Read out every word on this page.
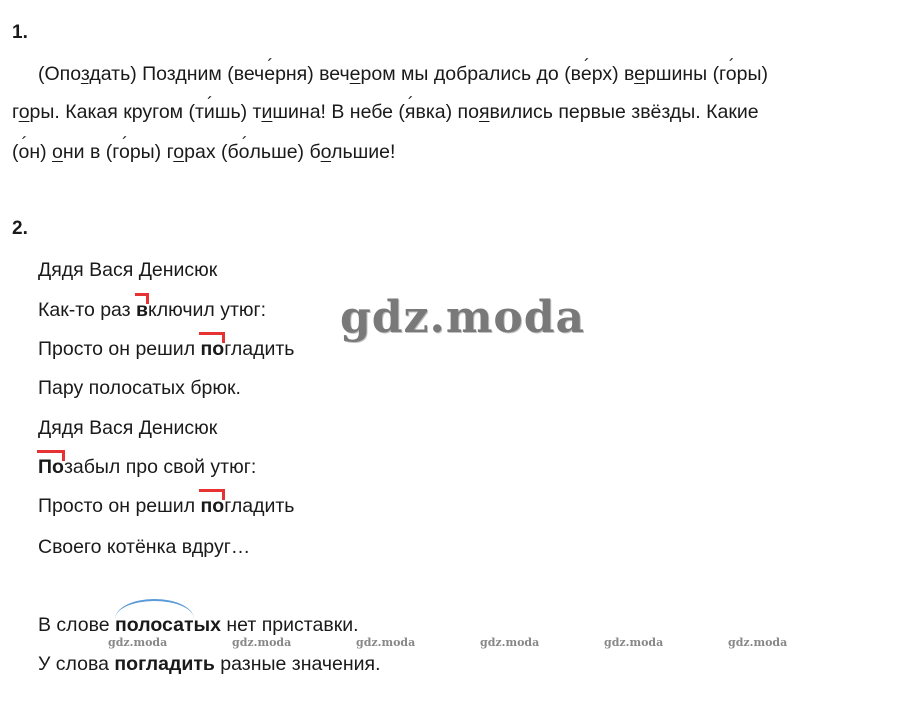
1.
(Опоздать) Поздним (вече ´рня) вечером мы добрались до (ве ´рх) вершины (го ´ры)
горы. Какая кругом (ти ´шь) тишина! В небе (я ´вка) появились первые звёзды. Какие
(о ´н) они в (го ´ры) горах (бо ´льше) большие!
2.
Дядя Вася Денисюк
Как-то раз включил утюг:
Просто он решил погладить
Пару полосатых брюк.
Дядя Вася Денисюк
Позабыл про свой утюг:
Просто он решил погладить
Своего котёнка вдруг…
В слове
полосатых нет приставки.
У слова погладить разные значения.
gdz.moda
gdz.moda	gdz.moda	gdz.moda	gdz.moda	gdz.moda	gdz.moda
